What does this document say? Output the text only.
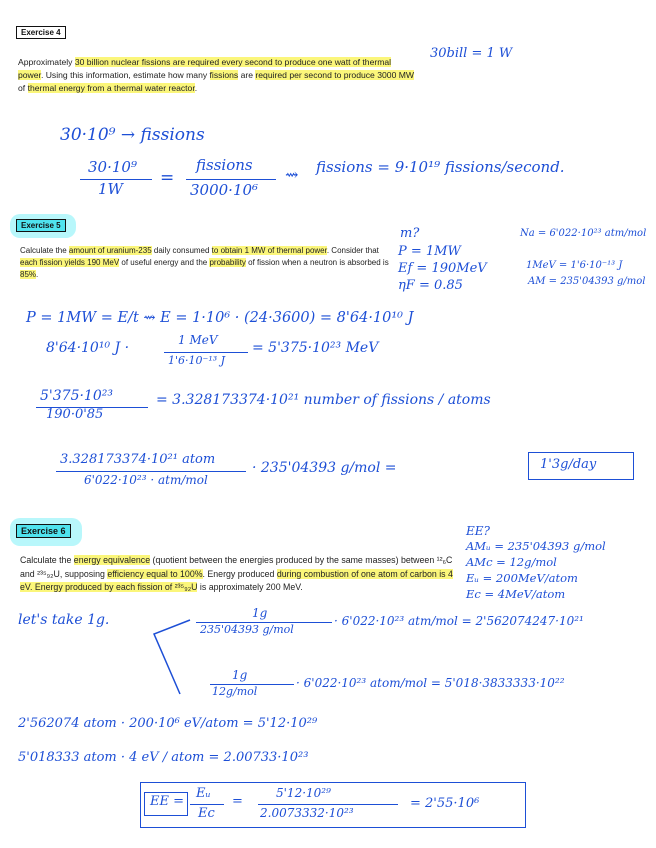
Exercise 4
Approximately 30 billion nuclear fissions are required every second to produce one watt of thermal power. Using this information, estimate how many fissions are required per second to produce 3000 MW of thermal energy from a thermal water reactor.
30bill = 1 W
30·10⁹ → fissions
30·10⁹
1W
=
fissions
3000·10⁶
⇝ fissions = 9·10¹⁹ fissions/second.
Exercise 5
Calculate the amount of uranium-235 daily consumed to obtain 1 MW of thermal power. Consider that each fission yields 190 MeV of useful energy and the probability of fission when a neutron is absorbed is 85%.
m?
P = 1MW
Ef = 190MeV
ηF = 0.85
Na = 6'022·10²³ atm/mol
1MeV = 1'6·10⁻¹³ J
AM = 235'04393 g/mol
P = 1MW = E/t ⇝ E = 1·10⁶ · (24·3600) = 8'64·10¹⁰ J
8'64·10¹⁰ J ·	1 MeV
1'6·10⁻¹³ J
= 5'375·10²³ MeV
5'375·10²³
190·0'85
= 3.328173374·10²¹ number of fissions / atoms
3.328173374·10²¹ atom
6'022·10²³ · atm/mol
· 235'04393 g/mol =	1'3g/day
Exercise 6
Calculate the energy equivalence (quotient between the energies produced by the same masses) between ¹²₆C and ²³⁵₉₂U, supposing efficiency equal to 100%. Energy produced during combustion of one atom of carbon is 4 eV. Energy produced by each fission of ²³⁵₉₂U is approximately 200 MeV.
EE?
AMᵤ = 235'04393 g/mol
AMc = 12g/mol
Eᵤ = 200MeV/atom
Ec = 4MeV/atom
let's take 1g.	1g
235'04393 g/mol
· 6'022·10²³ atm/mol = 2'562074247·10²¹
1g
12g/mol
· 6'022·10²³ atom/mol = 5'018·3833333·10²²
2'562074 atom · 200·10⁶ eV/atom = 5'12·10²⁹
5'018333 atom · 4 eV / atom = 2.00733·10²³
EE =
Eᵤ
Ec
=
5'12·10²⁹
2.0073332·10²³
= 2'55·10⁶
